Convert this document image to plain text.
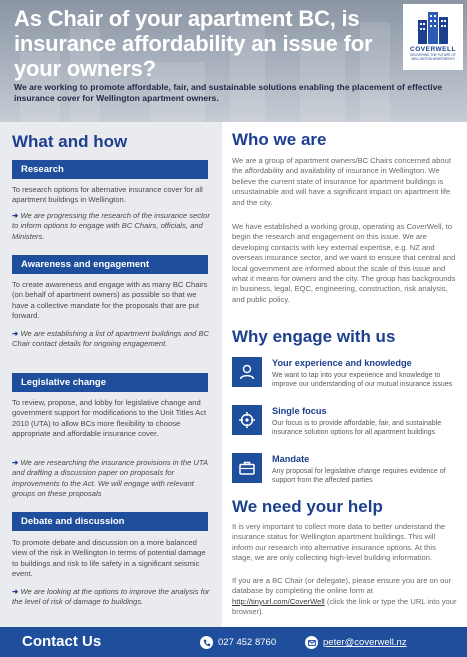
As Chair of your apartment BC, is insurance affordability an issue for your owners?
COVERWELL
DELIVERING THE FUTURE OF WELLINGTON APARTMENTS
We are working to promote affordable, fair, and sustainable solutions enabling the placement of effective insurance cover for Wellington apartment owners.
What and how
Research
To research options for alternative insurance cover for all apartment buildings in Wellington.
➜ We are progressing the research of the insurance sector to inform options to engage with BC Chairs, officials, and Ministers.
Awareness and engagement
To create awareness and engage with as many BC Chairs (on behalf of apartment owners) as possible so that we have a collective mandate for the proposals that are put forward.
➜ We are establishing a list of apartment buildings and BC Chair contact details for ongoing engagement.
Legislative change
To review, propose, and lobby for legislative change and government support for modifications to the Unit Titles Act 2010 (UTA) to allow BCs more flexibility to choose appropriate and affordable insurance cover.
➜ We are researching the insurance provisions in the UTA and drafting a discussion paper on proposals for improvements to the Act. We will engage with relevant groups on these proposals
Debate and discussion
To promote debate and discussion on a more balanced view of the risk in Wellington in terms of potential damage to buildings and risk to life safety in a significant seismic event.
➜ We are looking at the options to improve the analysis for the level of risk of damage to buildings.
Who we are
We are a group of apartment owners/BC Chairs concerned about the affordability and availability of insurance in Wellington. We believe the current state of insurance for apartment buildings is unsustainable and will have a significant impact on apartment life and the city.
We have established a working group, operating as CoverWell, to begin the research and engagement on this issue. We are developing contacts with key external expertise, e.g. NZ and overseas insurance sector, and we want to ensure that central and local government are informed about the scale of this issue and what it means for owners and the city. The group has backgrounds in business, legal, EQC, engineering, construction, risk analysis, and public policy.
Why engage with us
Your experience and knowledge
We want to tap into your experience and knowledge to improve our understanding of our mutual insurance issues
Single focus
Our focus is to provide affordable, fair, and sustainable insurance solution options for all apartment buildings
Mandate
Any proposal for legislative change requires evidence of support from the affected parties
We need your help
It is very important to collect more data to better understand the insurance status for Wellington apartment buildings. This will inform our research into alternative insurance options. At this stage, we are only collecting high-level building information.
If you are a BC Chair (or delegate), please ensure you are on our database by completing the online form at http://tinyurl.com/CoverWell (click the link or type the URL into your browser).
Contact Us	027 452 8760	peter@coverwell.nz
